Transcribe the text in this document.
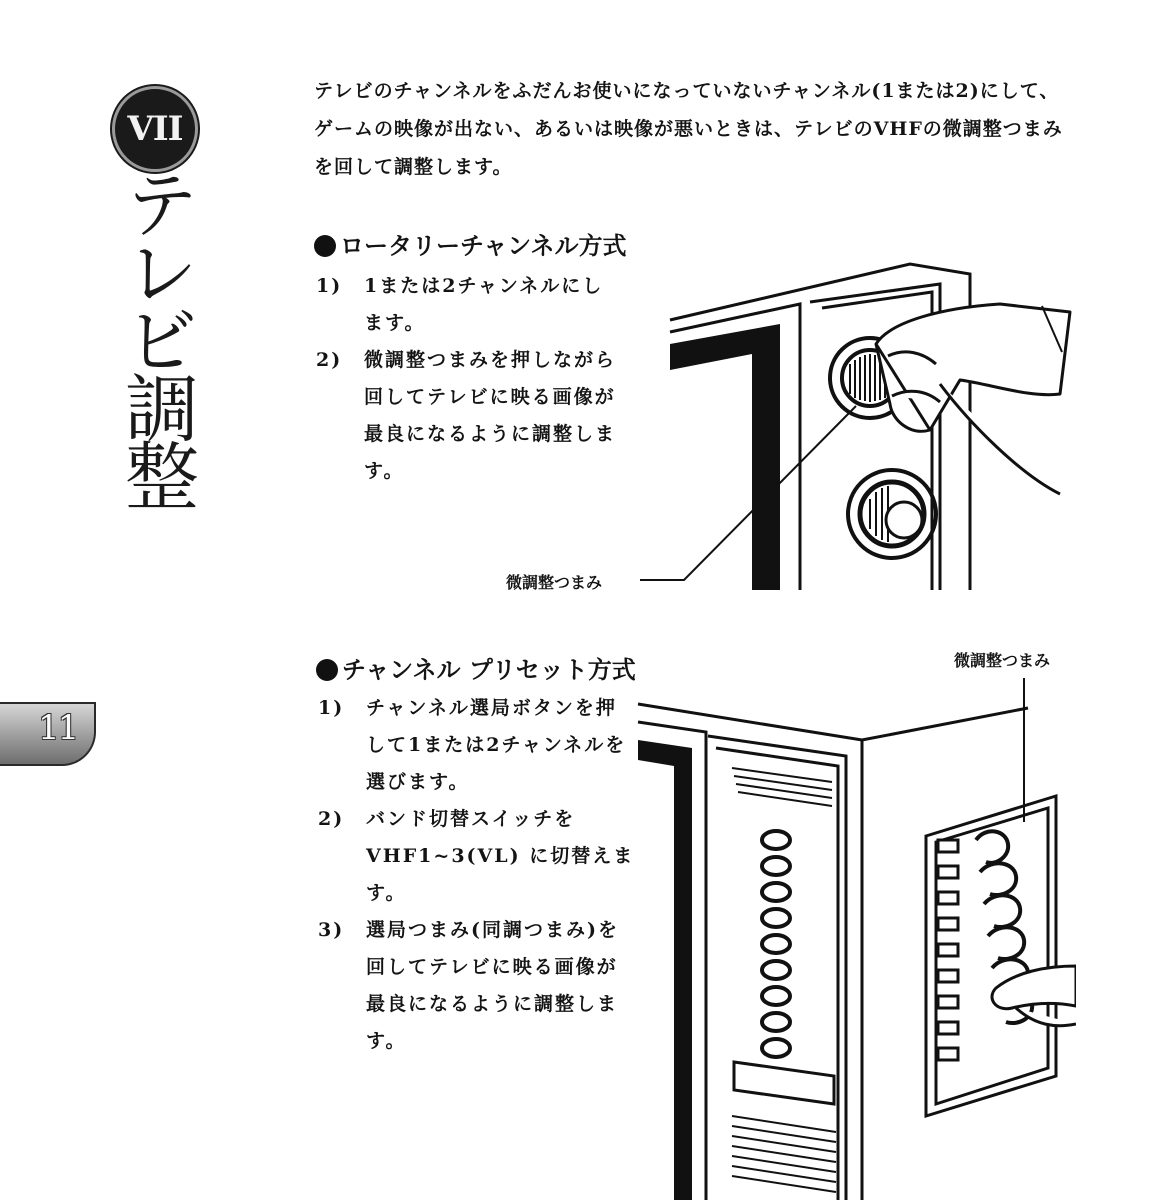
VII
テレビ調整
11

テレビのチャンネルをふだんお使いになっていないチャンネル(1または2)にして、ゲームの映像が出ない、あるいは映像が悪いときは、テレビのVHFの微調整つまみを回して調整します。

ロータリーチャンネル方式
1) 1または2チャンネルにします。
2) 微調整つまみを押しながら回してテレビに映る画像が最良になるように調整します。
微調整つまみ
チャンネル プリセット方式
1) チャンネル選局ボタンを押して1または2チャンネルを選びます。
2) バンド切替スイッチをVHF1~3(VL) に切替えます。
3) 選局つまみ(同調つまみ)を回してテレビに映る画像が最良になるように調整します。
微調整つまみ
